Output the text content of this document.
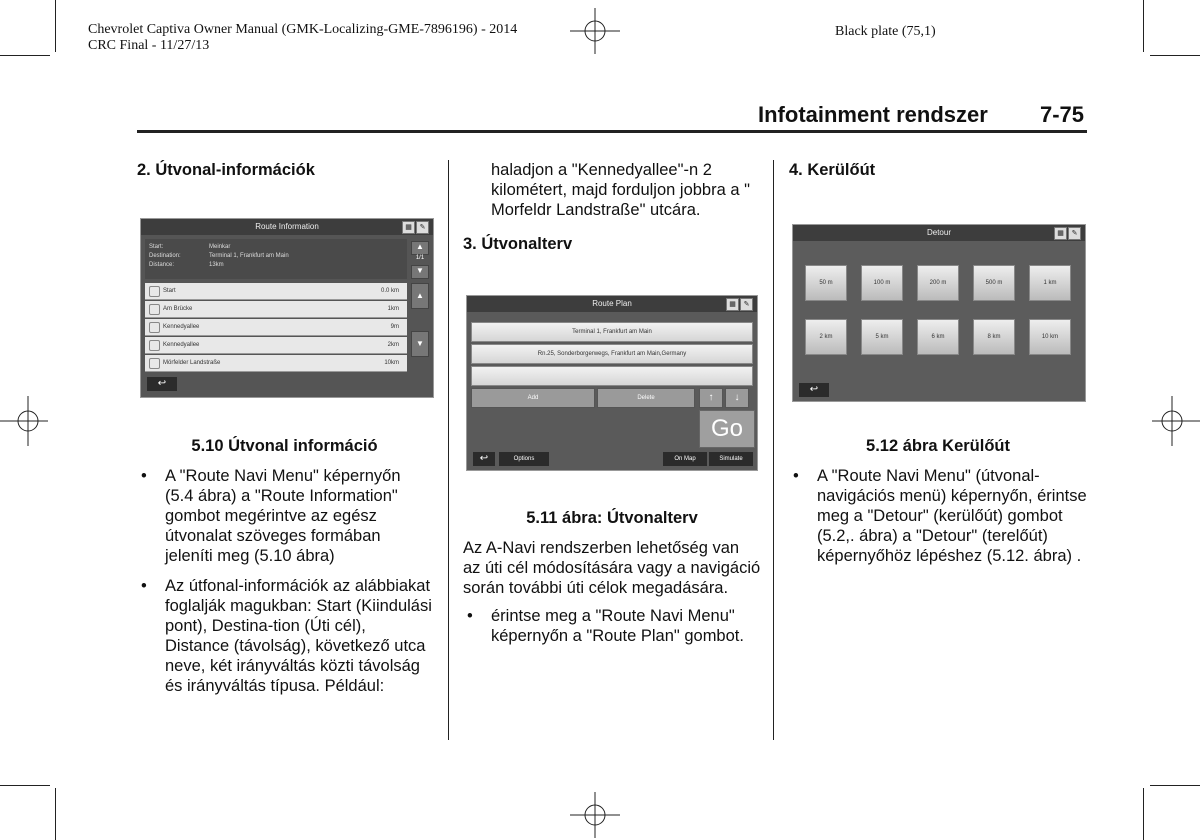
Chevrolet Captiva Owner Manual (GMK-Localizing-GME-7896196) - 2014
CRC Final - 11/27/13
Black plate (75,1)
Infotainment rendszer 7-75

2. Útvonal-információk

Route Information	▦	✎
Start:	Meinkar
Destination:	Terminal 1, Frankfurt am Main
Distance:	13km
▲
1/1
▼
Start	0.0 km
Am Brücke	1km
Kennedyallee	9m
Kennedyallee	2km
Mörfelder Landstraße	10km
▲
▼
↩

5.10 Útvonal információ

• A "Route Navi Menu" képernyőn (5.4 ábra) a "Route Information" gombot megérintve az egész útvonalat szöveges formában jeleníti meg (5.10 ábra)

• Az útfonal-információk az alábbiakat foglalják magukban: Start (Kiindulási pont), Destina-tion (Úti cél), Distance (távolság), következő utca neve, két irányváltás közti távolság és irányváltás típusa. Például:

haladjon a "Kennedyallee"-n 2 kilométert, majd forduljon jobbra a " Morfeldr Landstraße" utcára.

3. Útvonalterv

Route Plan	▦	✎
Terminal 1, Frankfurt am Main
Rn.25, Sonderborgerwegs, Frankfurt am Main,Germany
Add	Delete	↑	↓
Go
↩	Options	On Map	Simulate

5.11 ábra: Útvonalterv

Az A-Navi rendszerben lehetőség van az úti cél módosítására vagy a navigáció során további úti célok megadására.

• érintse meg a "Route Navi Menu" képernyőn a "Route Plan" gombot.

4. Kerülőút

Detour	▦	✎
50 m	100 m	200 m	500 m	1 km
2 km	5 km	6 km	8 km	10 km
↩

5.12 ábra Kerülőút

• A "Route Navi Menu" (útvonal-navigációs menü) képernyőn, érintse meg a "Detour" (kerülőút) gombot (5.2,. ábra) a "Detour" (terelőút) képernyőhöz lépéshez (5.12. ábra) .
